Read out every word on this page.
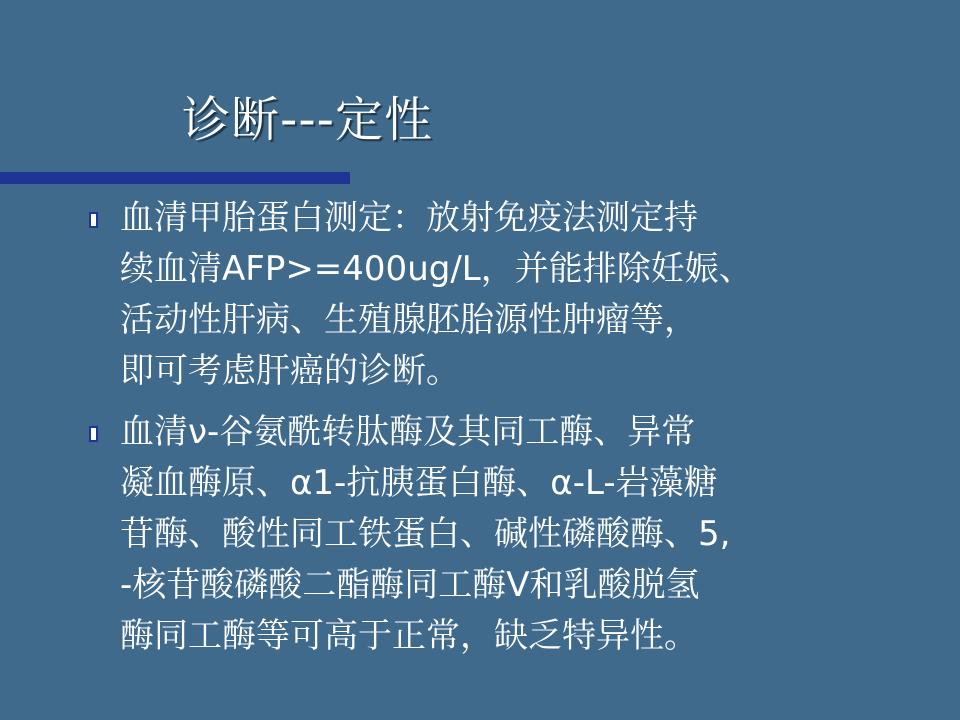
诊断---定性
血清甲胎蛋白测定：放射免疫法测定持
续血清AFP>=400ug/L，并能排除妊娠、
活动性肝病、生殖腺胚胎源性肿瘤等，
即可考虑肝癌的诊断。
血清ν-谷氨酰转肽酶及其同工酶、异常
凝血酶原、α1-抗胰蛋白酶、α-L-岩藻糖
苷酶、酸性同工铁蛋白、碱性磷酸酶、5,
-核苷酸磷酸二酯酶同工酶V和乳酸脱氢
酶同工酶等可高于正常，缺乏特异性。
